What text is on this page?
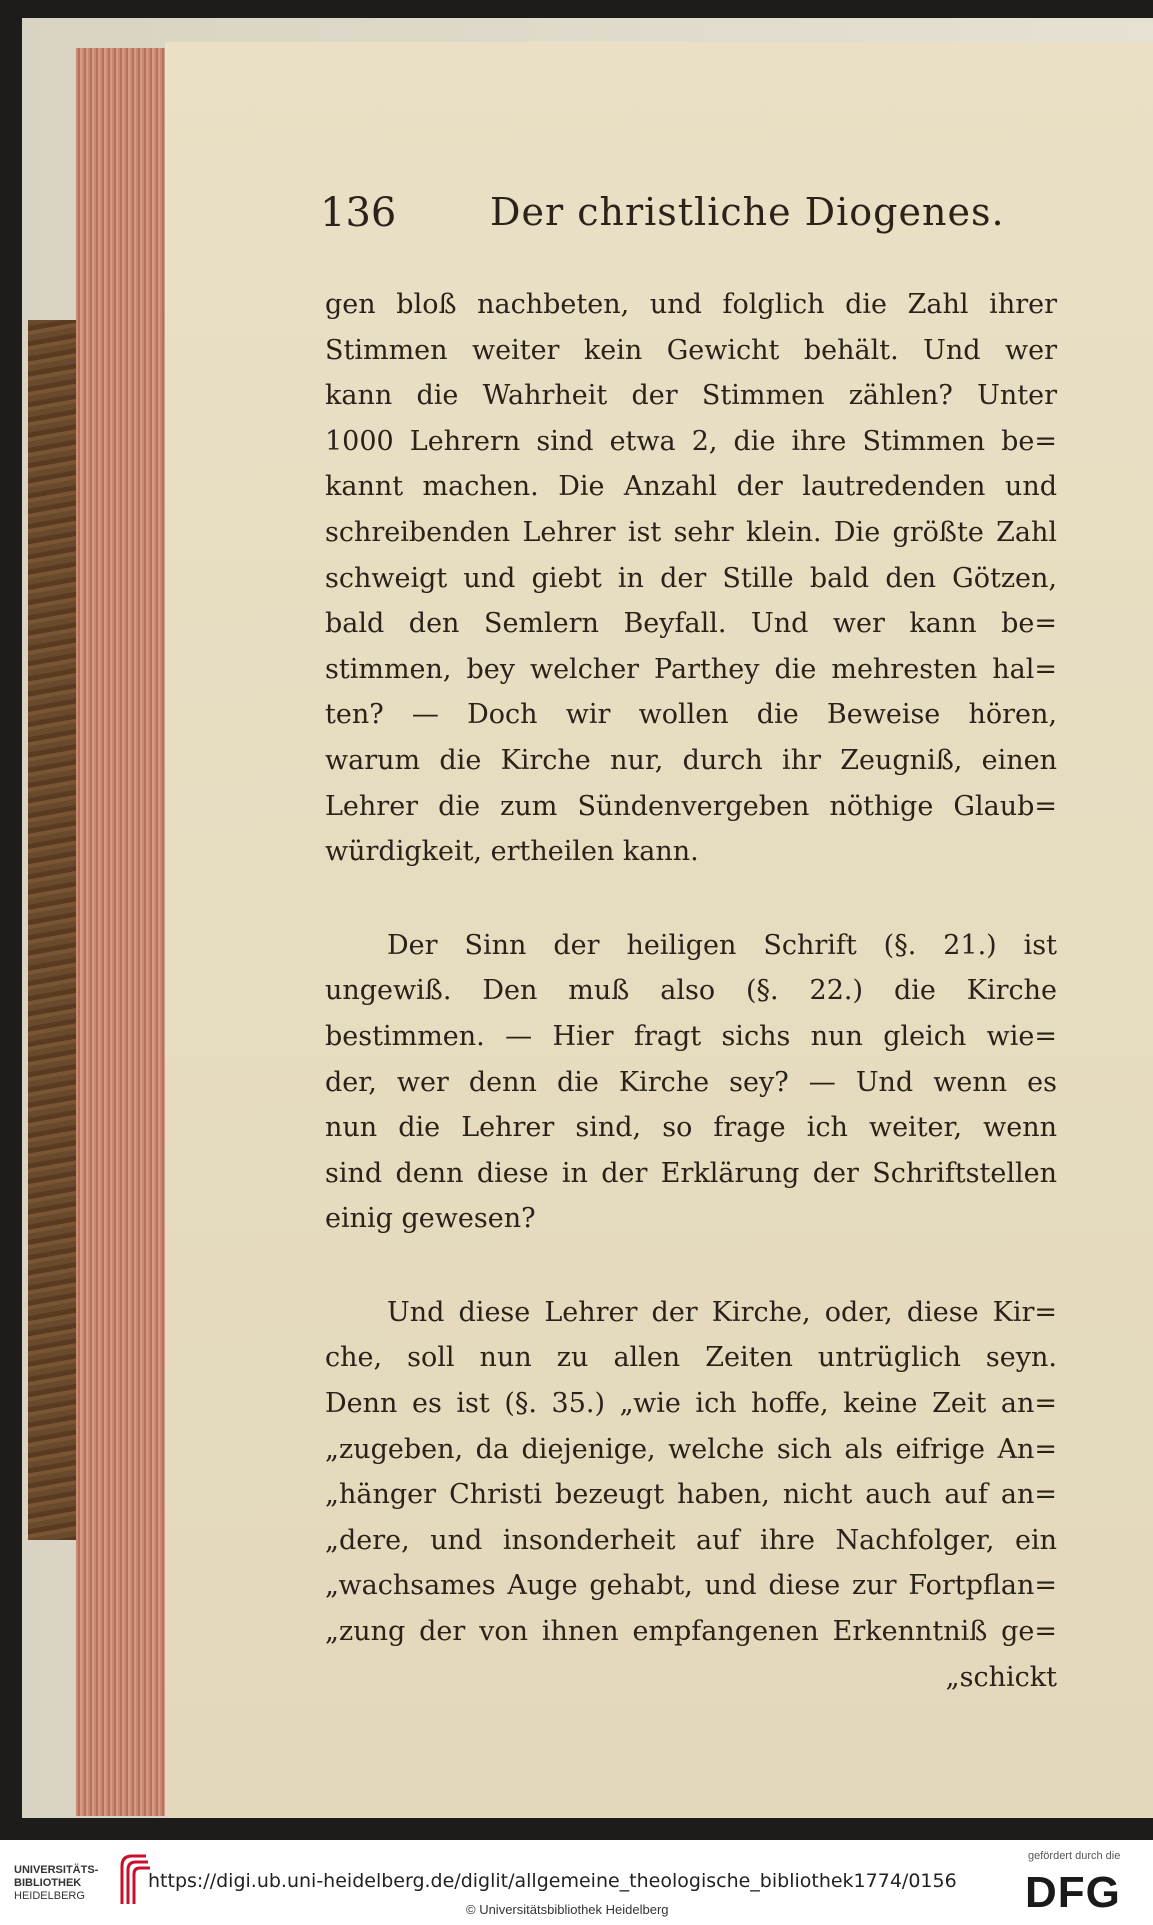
136 Der christliche Diogenes.
gen bloß nachbeten, und folglich die Zahl ihrer
Stimmen weiter kein Gewicht behält. Und wer
kann die Wahrheit der Stimmen zählen? Unter
1000 Lehrern sind etwa 2, die ihre Stimmen be=
kannt machen. Die Anzahl der lautredenden und
schreibenden Lehrer ist sehr klein. Die größte Zahl
schweigt und giebt in der Stille bald den Götzen,
bald den Semlern Beyfall. Und wer kann be=
stimmen, bey welcher Parthey die mehresten hal=
ten? — Doch wir wollen die Beweise hören,
warum die Kirche nur, durch ihr Zeugniß, einen
Lehrer die zum Sündenvergeben nöthige Glaub=
würdigkeit, ertheilen kann.
Der Sinn der heiligen Schrift (§. 21.) ist
ungewiß. Den muß also (§. 22.) die Kirche
bestimmen. — Hier fragt sichs nun gleich wie=
der, wer denn die Kirche sey? — Und wenn es
nun die Lehrer sind, so frage ich weiter, wenn
sind denn diese in der Erklärung der Schriftstellen
einig gewesen?
Und diese Lehrer der Kirche, oder, diese Kir=
che, soll nun zu allen Zeiten untrüglich seyn.
Denn es ist (§. 35.) „wie ich hoffe, keine Zeit an=
„zugeben, da diejenige, welche sich als eifrige An=
„hänger Christi bezeugt haben, nicht auch auf an=
„dere, und insonderheit auf ihre Nachfolger, ein
„wachsames Auge gehabt, und diese zur Fortpflan=
„zung der von ihnen empfangenen Erkenntniß ge=
„schickt
UNIVERSITÄTS-
BIBLIOTHEK
HEIDELBERG
https://digi.ub.uni-heidelberg.de/diglit/allgemeine_theologische_bibliothek1774/0156
© Universitätsbibliothek Heidelberg
gefördert durch die
DFG
